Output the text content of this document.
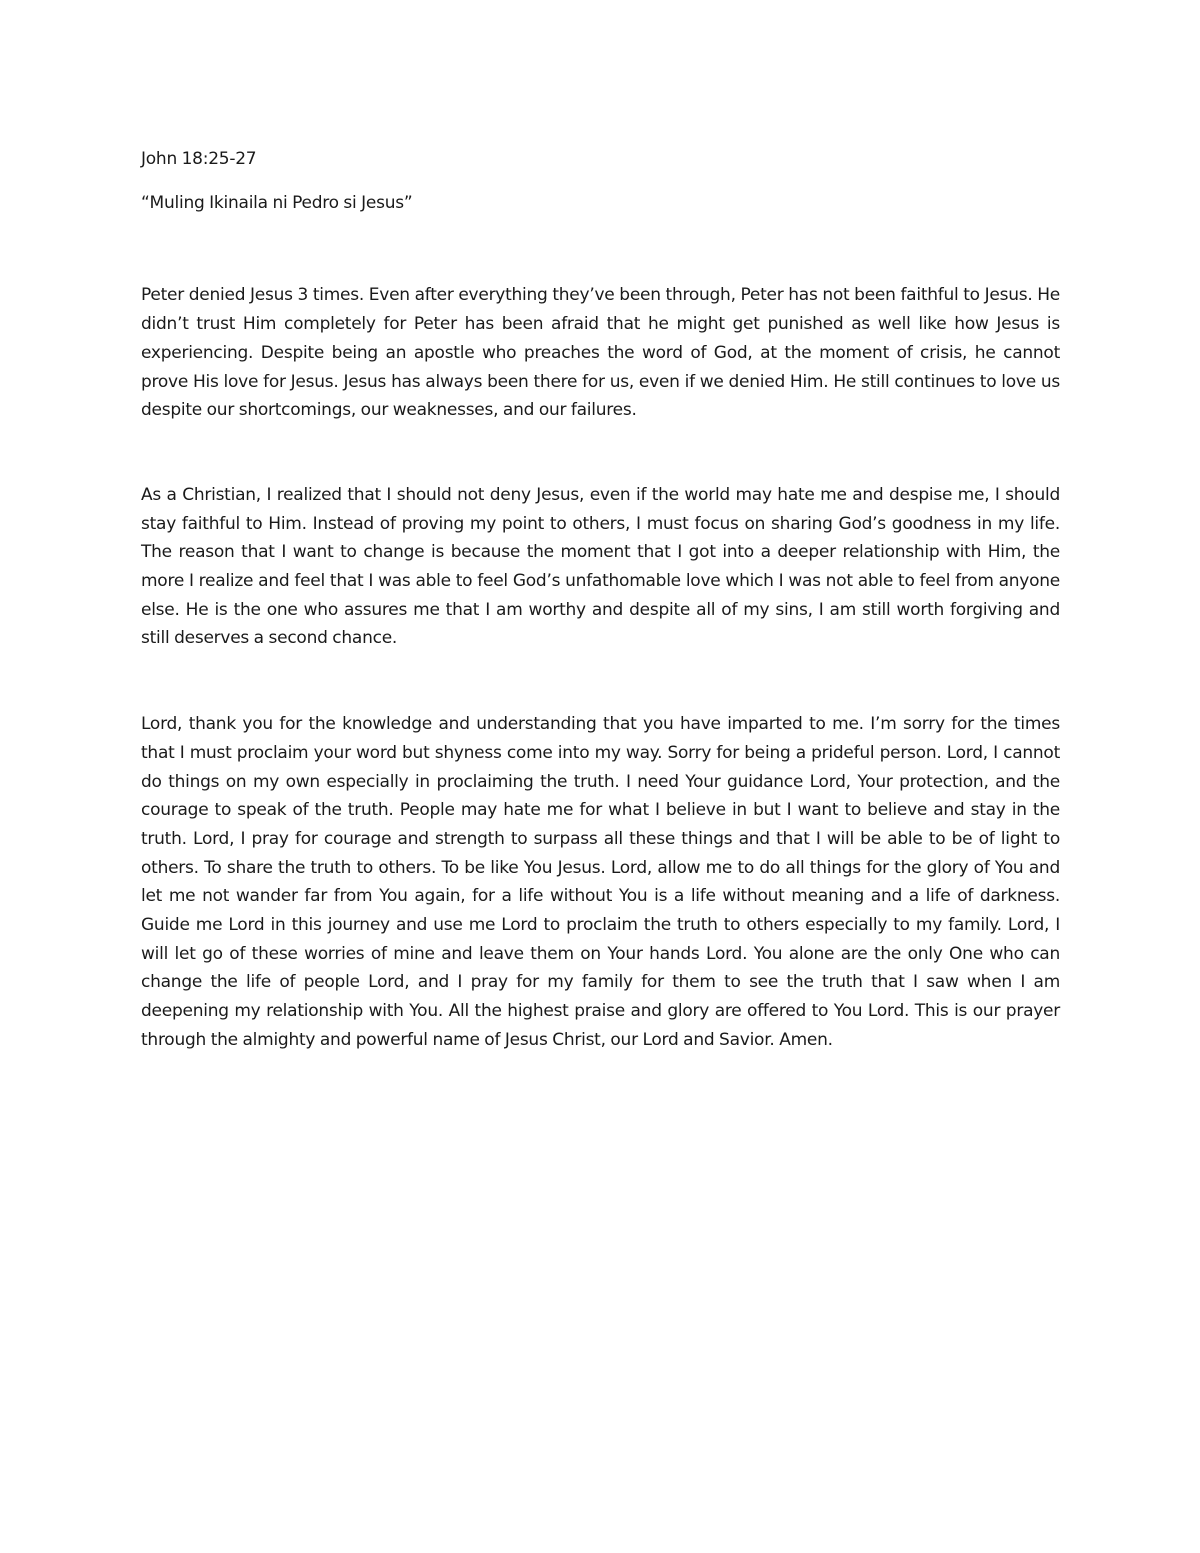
John 18:25-27

“Muling Ikinaila ni Pedro si Jesus”

Peter denied Jesus 3 times. Even after everything they’ve been through, Peter has not been faithful to Jesus. He didn’t trust Him completely for Peter has been afraid that he might get punished as well like how Jesus is experiencing. Despite being an apostle who preaches the word of God, at the moment of crisis, he cannot prove His love for Jesus. Jesus has always been there for us, even if we denied Him. He still continues to love us despite our shortcomings, our weaknesses, and our failures.

As a Christian, I realized that I should not deny Jesus, even if the world may hate me and despise me, I should stay faithful to Him. Instead of proving my point to others, I must focus on sharing God’s goodness in my life. The reason that I want to change is because the moment that I got into a deeper relationship with Him, the more I realize and feel that I was able to feel God’s unfathomable love which I was not able to feel from anyone else. He is the one who assures me that I am worthy and despite all of my sins, I am still worth forgiving and still deserves a second chance.

Lord, thank you for the knowledge and understanding that you have imparted to me. I’m sorry for the times that I must proclaim your word but shyness come into my way. Sorry for being a prideful person. Lord, I cannot do things on my own especially in proclaiming the truth. I need Your guidance Lord, Your protection, and the courage to speak of the truth. People may hate me for what I believe in but I want to believe and stay in the truth. Lord, I pray for courage and strength to surpass all these things and that I will be able to be of light to others. To share the truth to others. To be like You Jesus. Lord, allow me to do all things for the glory of You and let me not wander far from You again, for a life without You is a life without meaning and a life of darkness. Guide me Lord in this journey and use me Lord to proclaim the truth to others especially to my family. Lord, I will let go of these worries of mine and leave them on Your hands Lord. You alone are the only One who can change the life of people Lord, and I pray for my family for them to see the truth that I saw when I am deepening my relationship with You. All the highest praise and glory are offered to You Lord. This is our prayer through the almighty and powerful name of Jesus Christ, our Lord and Savior. Amen.
